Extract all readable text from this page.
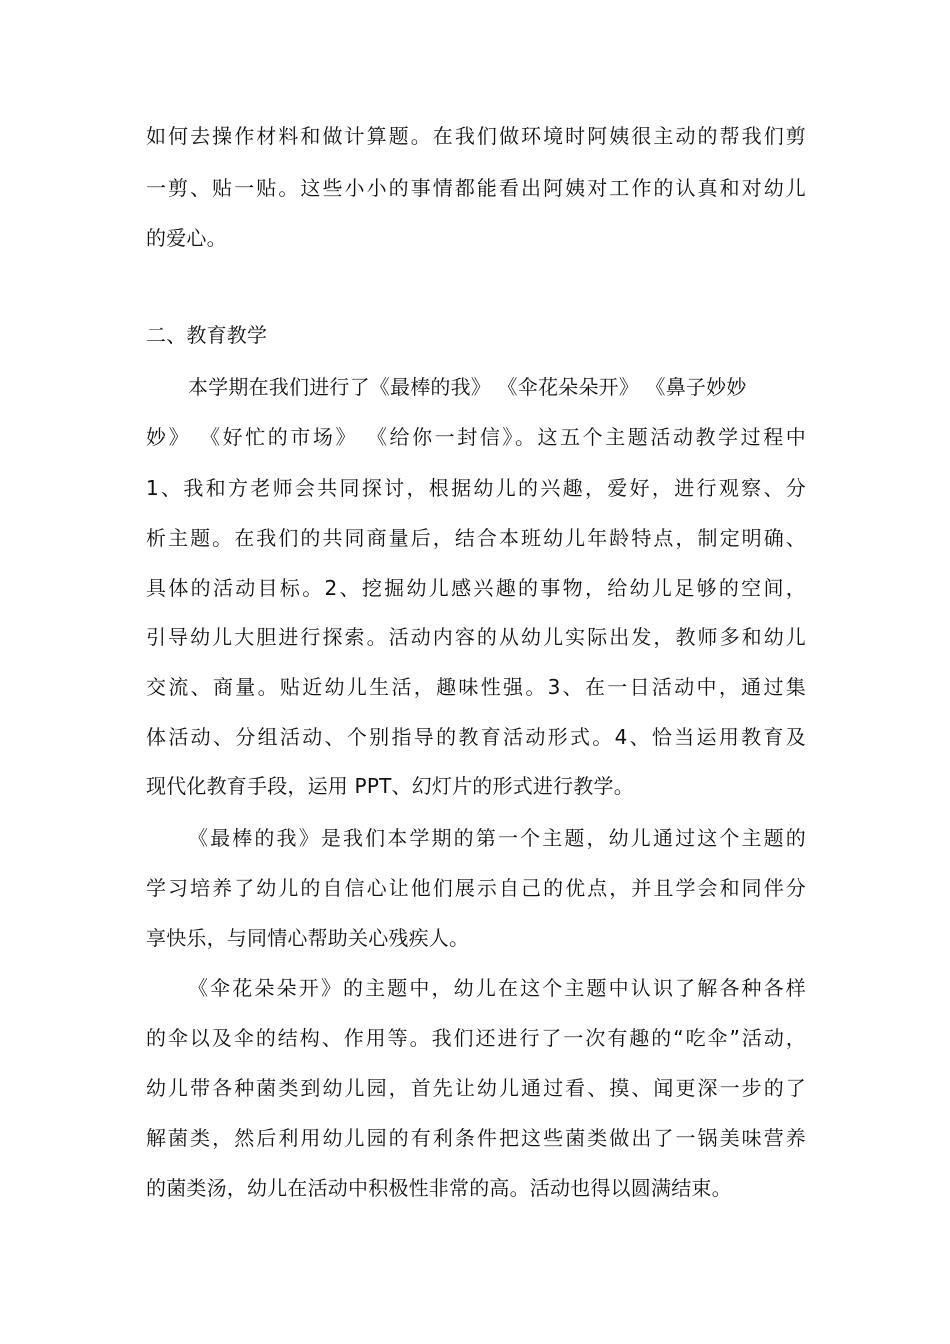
如何去操作材料和做计算题。在我们做环境时阿姨很主动的帮我们剪
一剪、贴一贴。这些小小的事情都能看出阿姨对工作的认真和对幼儿
的爱心。
二、教育教学
本学期在我们进行了《最棒的我》 《伞花朵朵开》 《鼻子妙妙
妙》 《好忙的市场》 《给你一封信》。这五个主题活动教学过程中
1、我和方老师会共同探讨，根据幼儿的兴趣，爱好，进行观察、分
析主题。在我们的共同商量后，结合本班幼儿年龄特点，制定明确、
具体的活动目标。2、挖掘幼儿感兴趣的事物，给幼儿足够的空间，
引导幼儿大胆进行探索。活动内容的从幼儿实际出发，教师多和幼儿
交流、商量。贴近幼儿生活，趣味性强。3、在一日活动中，通过集
体活动、分组活动、个别指导的教育活动形式。4、恰当运用教育及
现代化教育手段，运用 PPT、幻灯片的形式进行教学。
《最棒的我》是我们本学期的第一个主题，幼儿通过这个主题的
学习培养了幼儿的自信心让他们展示自己的优点，并且学会和同伴分
享快乐，与同情心帮助关心残疾人。
《伞花朵朵开》的主题中，幼儿在这个主题中认识了解各种各样
的伞以及伞的结构、作用等。我们还进行了一次有趣的“吃伞”活动，
幼儿带各种菌类到幼儿园，首先让幼儿通过看、摸、闻更深一步的了
解菌类，然后利用幼儿园的有利条件把这些菌类做出了一锅美味营养
的菌类汤，幼儿在活动中积极性非常的高。活动也得以圆满结束。
